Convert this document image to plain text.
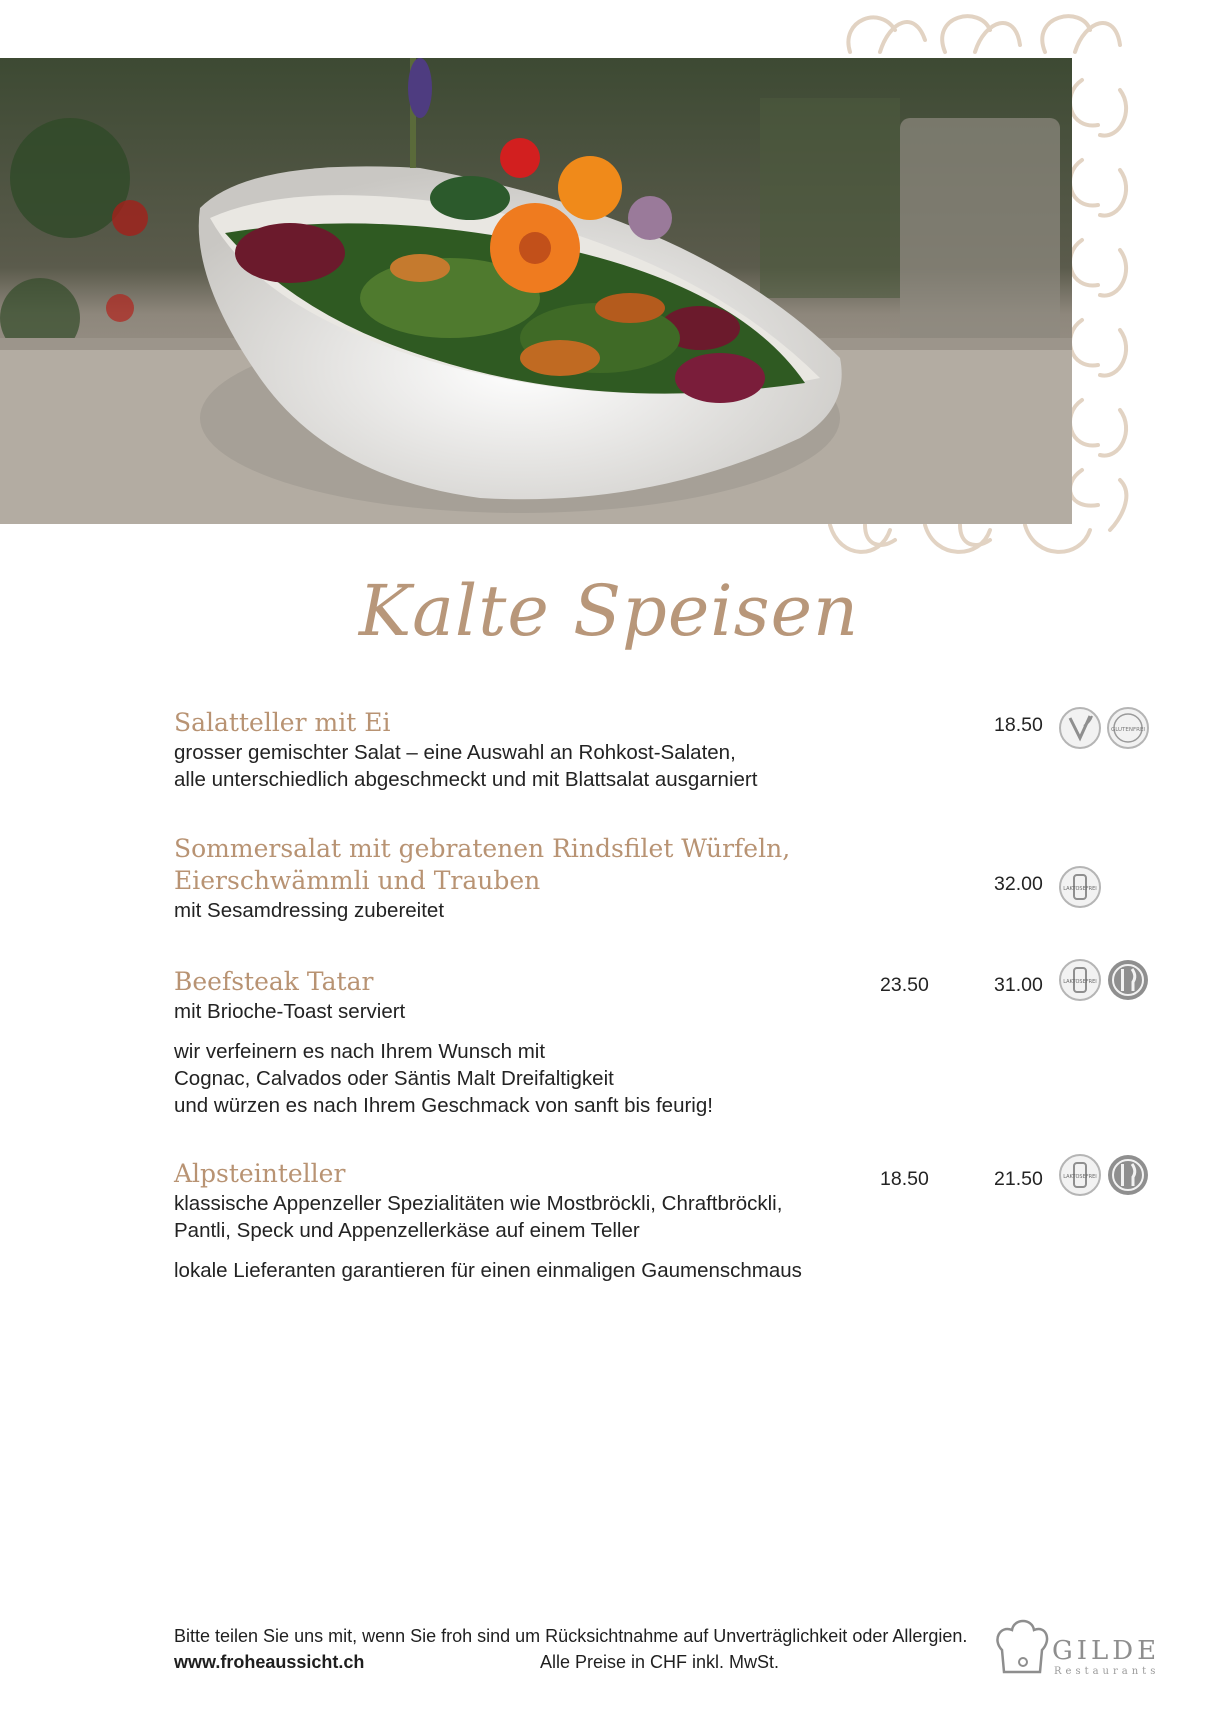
Kalte Speisen
Salatteller mit Ei
grosser gemischter Salat – eine Auswahl an Rohkost-Salaten,
alle unterschiedlich abgeschmeckt und mit Blattsalat ausgarniert
18.50	GLUTENFREI
Sommersalat mit gebratenen Rindsfilet Würfeln,
Eierschwämmli und Trauben
mit Sesamdressing zubereitet
32.00	LAKTOSEFREI
Beefsteak Tatar
mit Brioche-Toast serviert
wir verfeinern es nach Ihrem Wunsch mit
Cognac, Calvados oder Säntis Malt Dreifaltigkeit
und würzen es nach Ihrem Geschmack von sanft bis feurig!
23.50	31.00	LAKTOSEFREI
Alpsteinteller
klassische Appenzeller Spezialitäten wie Mostbröckli, Chraftbröckli,
Pantli, Speck und Appenzellerkäse auf einem Teller
lokale Lieferanten garantieren für einen einmaligen Gaumenschmaus
18.50	21.50	LAKTOSEFREI
Bitte teilen Sie uns mit, wenn Sie froh sind um Rücksichtnahme auf Unverträglichkeit oder Allergien.
www.froheaussicht.ch	Alle Preise in CHF inkl. MwSt.	GILDE
Restaurants
